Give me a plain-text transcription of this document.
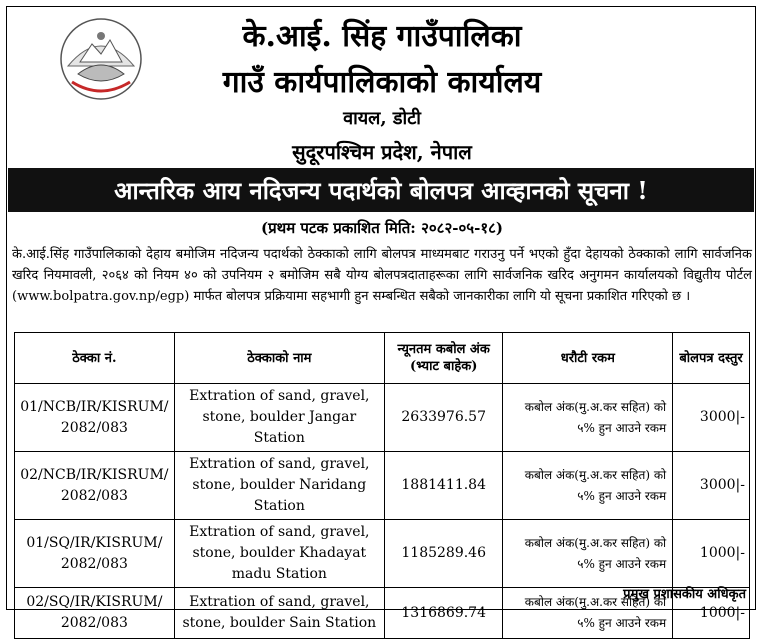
के.आई. सिंह गाउँपालिका
गाउँ कार्यपालिकाको कार्यालय
वायल, डोटी
सुदूरपश्चिम प्रदेश, नेपाल
आन्तरिक आय नदिजन्य पदार्थको बोलपत्र आव्हानको सूचना !
(प्रथम पटक प्रकाशित मिति: २०८२-०५-१८)
के.आई.सिंह गाउँपालिकाको देहाय बमोजिम नदिजन्य पदार्थको ठेक्काको लागि बोलपत्र माध्यमबाट गराउनु पर्ने भएको हुँदा देहायको ठेक्काको लागि सार्वजनिक खरिद नियमावली, २०६४ को नियम ४० को उपनियम २ बमोजिम सबै योग्य बोलपत्रदाताहरूका लागि सार्वजनिक खरिद अनुगमन कार्यालयको विद्युतीय पोर्टल (www.bolpatra.gov.np/egp) मार्फत बोलपत्र प्रक्रियामा सहभागी हुन सम्बन्धित सबैको जानकारीका लागि यो सूचना प्रकाशित गरिएको छ ।
ठेक्का नं.	ठेक्काको नाम	न्यूनतम कबोल अंक (भ्याट बाहेक)	धरौटी रकम	बोलपत्र दस्तुर
01/NCB/IR/KISRUM/ 2082/083	Extration of sand, gravel, stone, boulder Jangar Station	2633976.57	कबोल अंक(मु.अ.कर सहित) को ५% हुन आउने रकम	3000|-
02/NCB/IR/KISRUM/ 2082/083	Extration of sand, gravel, stone, boulder Naridang Station	1881411.84	कबोल अंक(मु.अ.कर सहित) को ५% हुन आउने रकम	3000|-
01/SQ/IR/KISRUM/ 2082/083	Extration of sand, gravel, stone, boulder Khadayat madu Station	1185289.46	कबोल अंक(मु.अ.कर सहित) को ५% हुन आउने रकम	1000|-
02/SQ/IR/KISRUM/ 2082/083	Extration of sand, gravel, stone, boulder Sain Station	1316869.74	कबोल अंक(मु.अ.कर सहित) को ५% हुन आउने रकम	1000|-
प्रमुख प्रशासकीय अधिकृत
